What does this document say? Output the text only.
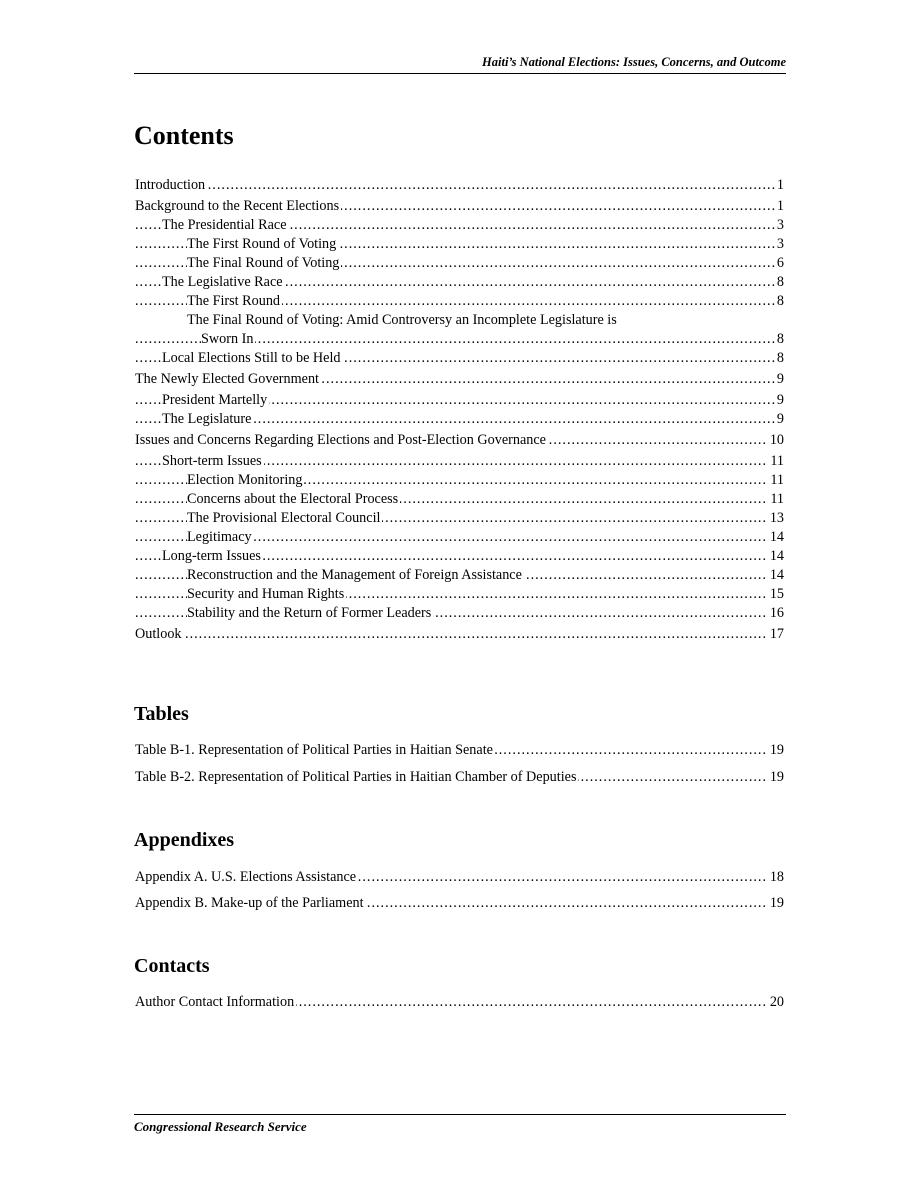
Haiti’s National Elections: Issues, Concerns, and Outcome
Contents
.....
Introduction	1
.....
Background to the Recent Elections	1
.....
The Presidential Race	3
.....
The First Round of Voting	3
.....
The Final Round of Voting	6
.....
The Legislative Race	8
.....
The First Round	8
The Final Round of Voting: Amid Controversy an Incomplete Legislature is
.....
Sworn In	8
.....
Local Elections Still to be Held	8
.....
The Newly Elected Government	9
.....
President Martelly	9
.....
The Legislature	9
.....
Issues and Concerns Regarding Elections and Post-Election Governance	10
.....
Short-term Issues	11
.....
Election Monitoring	11
.....
Concerns about the Electoral Process	11
.....
The Provisional Electoral Council	13
.....
Legitimacy	14
.....
Long-term Issues	14
.....
Reconstruction and the Management of Foreign Assistance	14
.....
Security and Human Rights	15
.....
Stability and the Return of Former Leaders	16
.....
Outlook	17
Tables
.....
Table B-1. Representation of Political Parties in Haitian Senate	19
.....
Table B-2. Representation of Political Parties in Haitian Chamber of Deputies	19
Appendixes
.....
Appendix A. U.S. Elections Assistance	18
.....
Appendix B. Make-up of the Parliament	19
Contacts
.....
Author Contact Information	20
Congressional Research Service
